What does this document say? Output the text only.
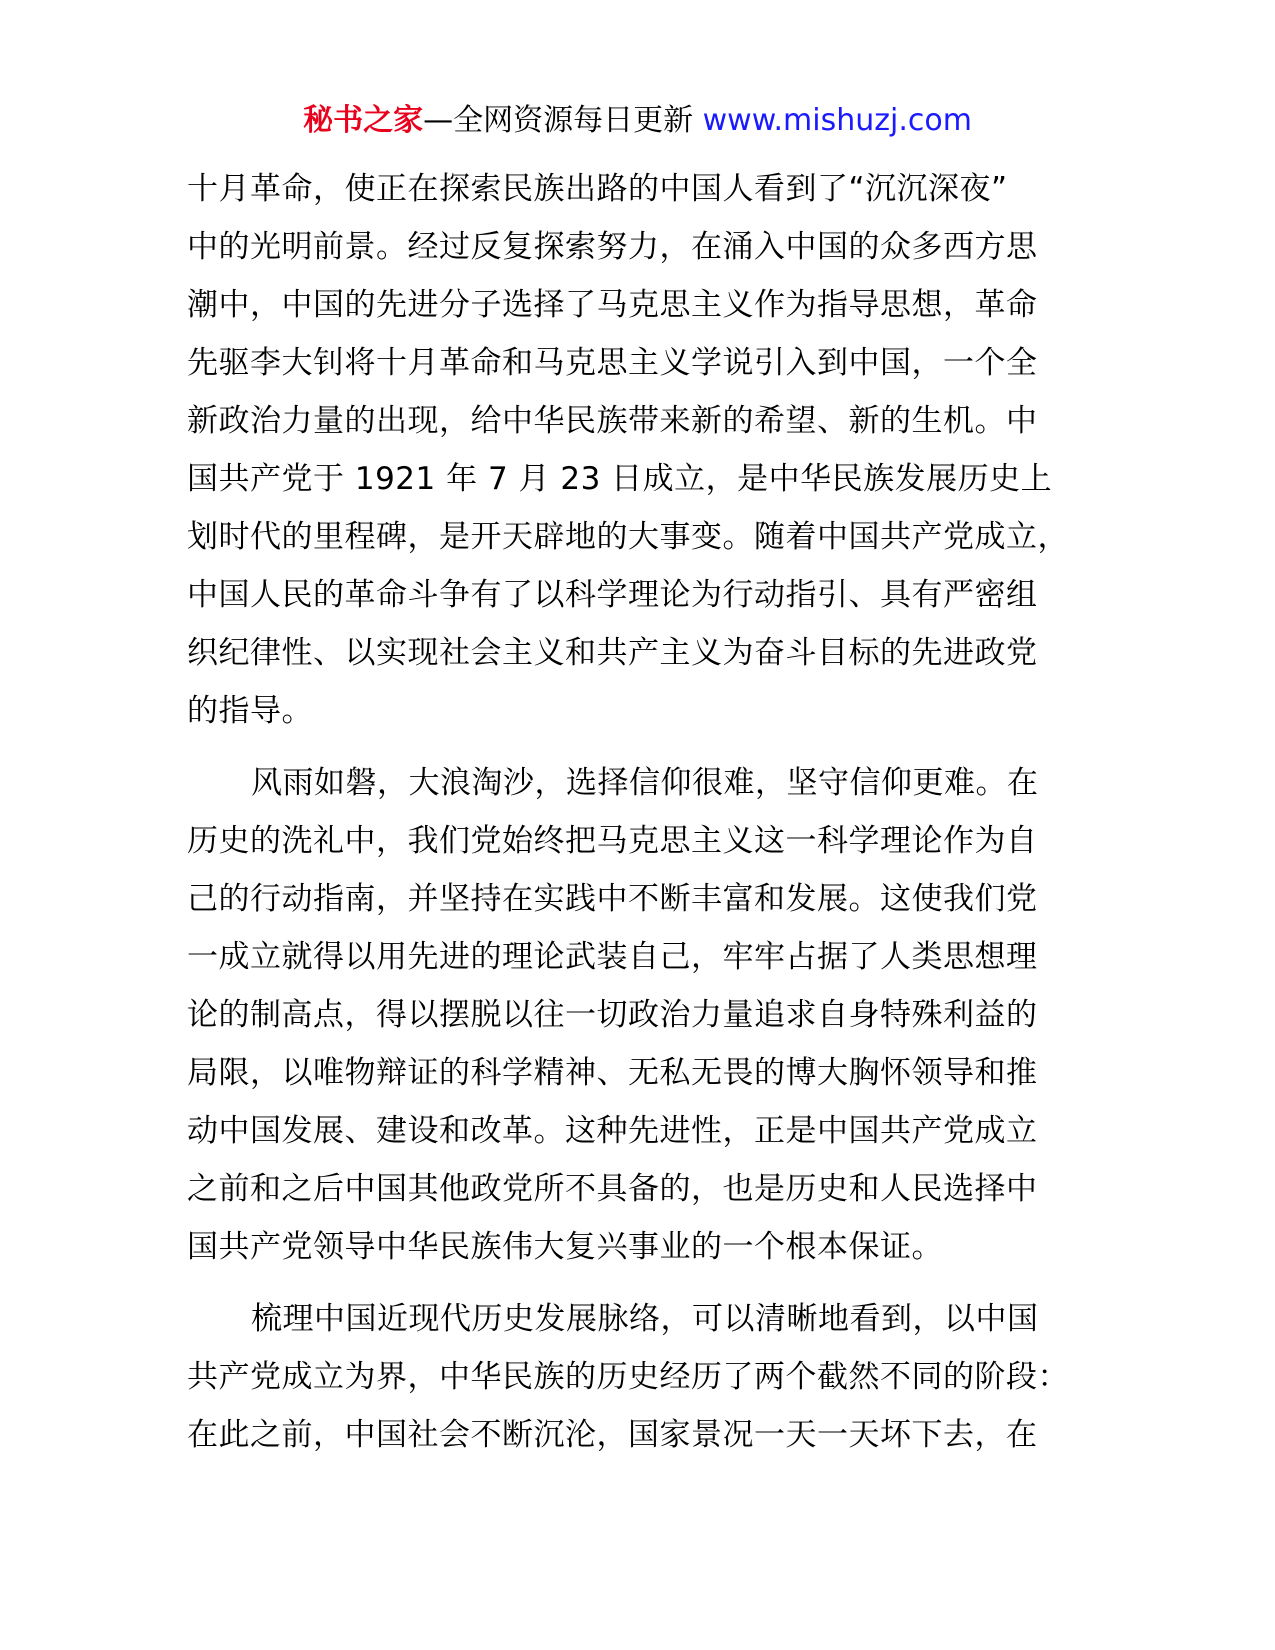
秘书之家—全网资源每日更新 www.mishuzj.com
十月革命，使正在探索民族出路的中国人看到了“沉沉深夜”
中的光明前景。经过反复探索努力，在涌入中国的众多西方思
潮中，中国的先进分子选择了马克思主义作为指导思想，革命
先驱李大钊将十月革命和马克思主义学说引入到中国，一个全
新政治力量的出现，给中华民族带来新的希望、新的生机。中
国共产党于 1921 年 7 月 23 日成立，是中华民族发展历史上
划时代的里程碑，是开天辟地的大事变。随着中国共产党成立，
中国人民的革命斗争有了以科学理论为行动指引、具有严密组
织纪律性、以实现社会主义和共产主义为奋斗目标的先进政党
的指导。
风雨如磐，大浪淘沙，选择信仰很难，坚守信仰更难。在
历史的洗礼中，我们党始终把马克思主义这一科学理论作为自
己的行动指南，并坚持在实践中不断丰富和发展。这使我们党
一成立就得以用先进的理论武装自己，牢牢占据了人类思想理
论的制高点，得以摆脱以往一切政治力量追求自身特殊利益的
局限，以唯物辩证的科学精神、无私无畏的博大胸怀领导和推
动中国发展、建设和改革。这种先进性，正是中国共产党成立
之前和之后中国其他政党所不具备的，也是历史和人民选择中
国共产党领导中华民族伟大复兴事业的一个根本保证。
梳理中国近现代历史发展脉络，可以清晰地看到，以中国
共产党成立为界，中华民族的历史经历了两个截然不同的阶段：
在此之前，中国社会不断沉沦，国家景况一天一天坏下去，在
